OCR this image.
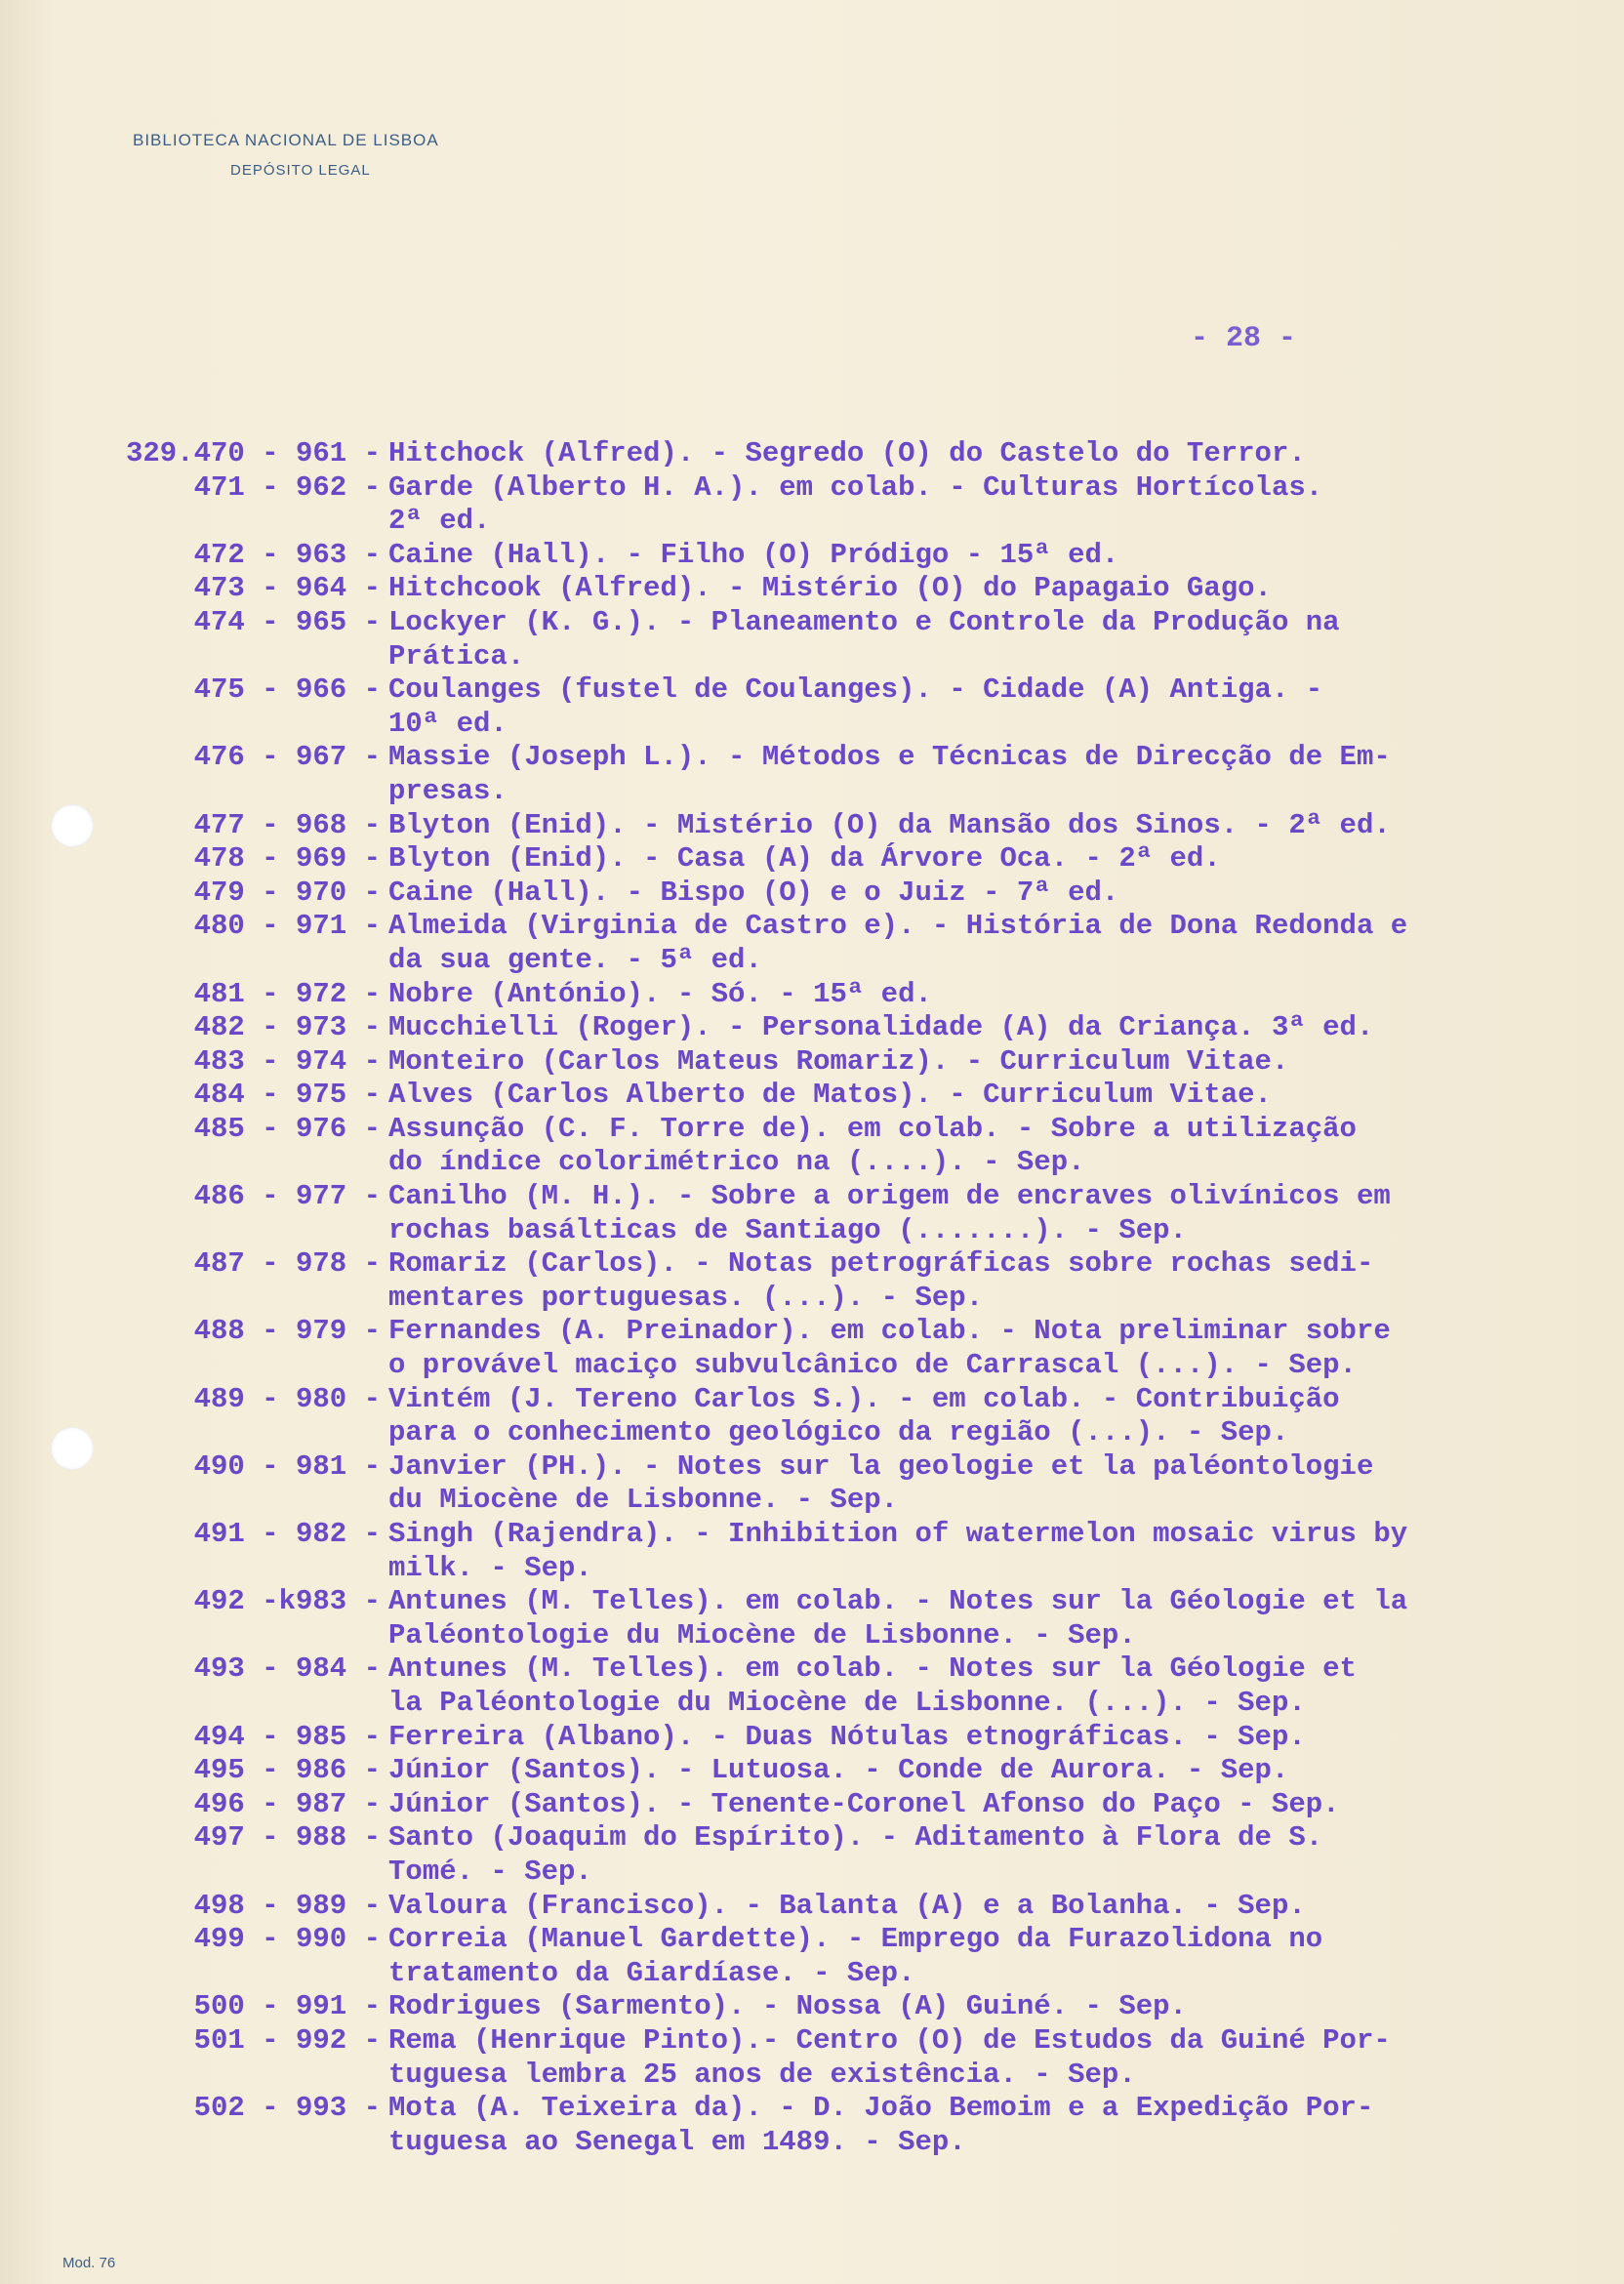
BIBLIOTECA NACIONAL DE LISBOA
DEPÓSITO LEGAL
- 28 -
329.470 - 961 - Hitchock (Alfred). - Segredo (O) do Castelo do Terror.
471 - 962 - Garde (Alberto H. A.). em colab. - Culturas Hortícolas.
2ª ed.
472 - 963 - Caine (Hall). - Filho (O) Pródigo - 15ª ed.
473 - 964 - Hitchcook (Alfred). - Mistério (O) do Papagaio Gago.
474 - 965 - Lockyer (K. G.). - Planeamento e Controle da Produção na
Prática.
475 - 966 - Coulanges (fustel de Coulanges). - Cidade (A) Antiga. -
10ª ed.
476 - 967 - Massie (Joseph L.). - Métodos e Técnicas de Direcção de Em-
presas.
477 - 968 - Blyton (Enid). - Mistério (O) da Mansão dos Sinos. - 2ª ed.
478 - 969 - Blyton (Enid). - Casa (A) da Árvore Oca. - 2ª ed.
479 - 970 - Caine (Hall). - Bispo (O) e o Juiz - 7ª ed.
480 - 971 - Almeida (Virginia de Castro e). - História de Dona Redonda e
da sua gente. - 5ª ed.
481 - 972 - Nobre (António). - Só. - 15ª ed.
482 - 973 - Mucchielli (Roger). - Personalidade (A) da Criança. 3ª ed.
483 - 974 - Monteiro (Carlos Mateus Romariz). - Curriculum Vitae.
484 - 975 - Alves (Carlos Alberto de Matos). - Curriculum Vitae.
485 - 976 - Assunção (C. F. Torre de). em colab. - Sobre a utilização
do índice colorimétrico na (....). - Sep.
486 - 977 - Canilho (M. H.). - Sobre a origem de encraves olivínicos em
rochas basálticas de Santiago (.......). - Sep.
487 - 978 - Romariz (Carlos). - Notas petrográficas sobre rochas sedi-
mentares portuguesas. (...). - Sep.
488 - 979 - Fernandes (A. Preinador). em colab. - Nota preliminar sobre
o provável maciço subvulcânico de Carrascal (...). - Sep.
489 - 980 - Vintém (J. Tereno Carlos S.). - em colab. - Contribuição
para o conhecimento geológico da região (...). - Sep.
490 - 981 - Janvier (PH.). - Notes sur la geologie et la paléontologie
du Miocène de Lisbonne. - Sep.
491 - 982 - Singh (Rajendra). - Inhibition of watermelon mosaic virus by
milk. - Sep.
492 -k983 - Antunes (M. Telles). em colab. - Notes sur la Géologie et la
Paléontologie du Miocène de Lisbonne. - Sep.
493 - 984 - Antunes (M. Telles). em colab. - Notes sur la Géologie et
la Paléontologie du Miocène de Lisbonne. (...). - Sep.
494 - 985 - Ferreira (Albano). - Duas Nótulas etnográficas. - Sep.
495 - 986 - Júnior (Santos). - Lutuosa. - Conde de Aurora. - Sep.
496 - 987 - Júnior (Santos). - Tenente-Coronel Afonso do Paço - Sep.
497 - 988 - Santo (Joaquim do Espírito). - Aditamento à Flora de S.
Tomé. - Sep.
498 - 989 - Valoura (Francisco). - Balanta (A) e a Bolanha. - Sep.
499 - 990 - Correia (Manuel Gardette). - Emprego da Furazolidona no
tratamento da Giardíase. - Sep.
500 - 991 - Rodrigues (Sarmento). - Nossa (A) Guiné. - Sep.
501 - 992 - Rema (Henrique Pinto).- Centro (O) de Estudos da Guiné Por-
tuguesa lembra 25 anos de existência. - Sep.
502 - 993 - Mota (A. Teixeira da). - D. João Bemoim e a Expedição Por-
tuguesa ao Senegal em 1489. - Sep.
Mod. 76
